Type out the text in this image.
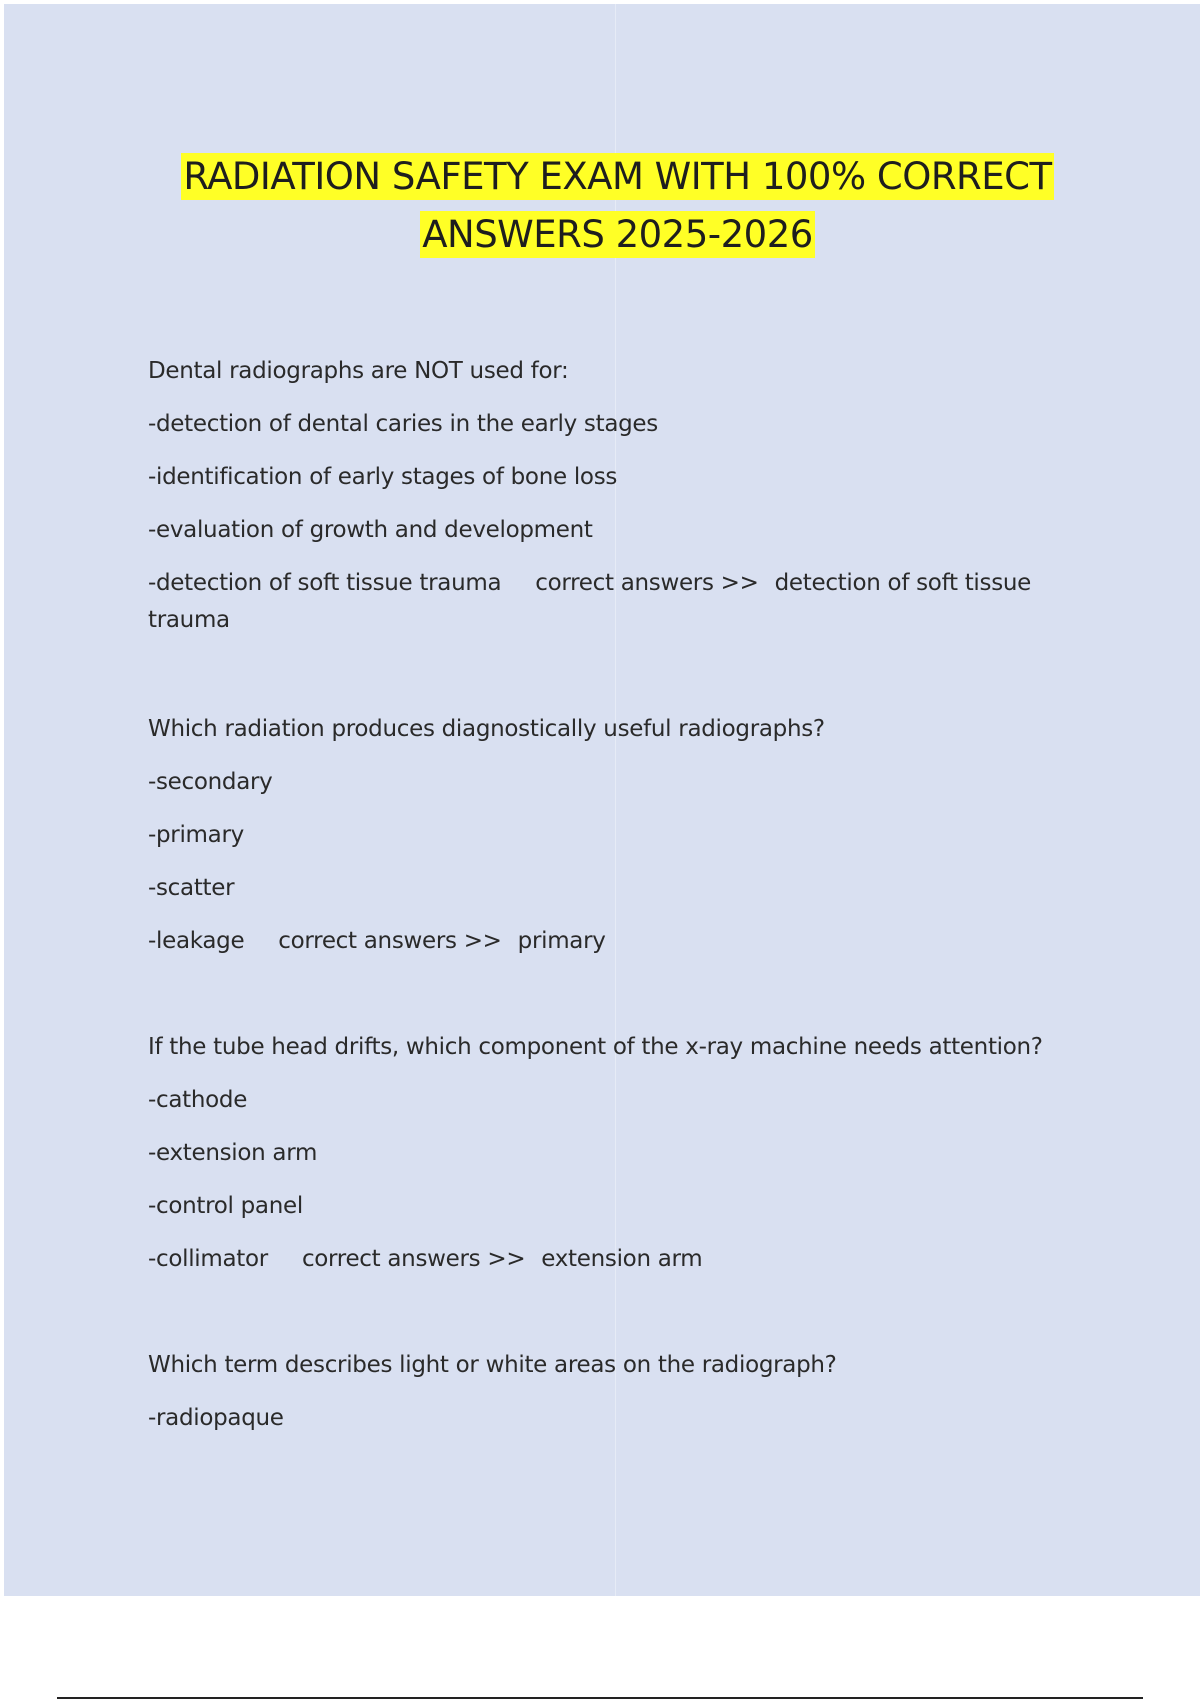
RADIATION SAFETY EXAM WITH 100% CORRECT
ANSWERS 2025-2026
Dental radiographs are NOT used for:
-detection of dental caries in the early stages
-identification of early stages of bone loss
-evaluation of growth and development
-detection of soft tissue trauma correct answers >> detection of soft tissue trauma
Which radiation produces diagnostically useful radiographs?
-secondary
-primary
-scatter
-leakage correct answers >> primary
If the tube head drifts, which component of the x-ray machine needs attention?
-cathode
-extension arm
-control panel
-collimator correct answers >> extension arm
Which term describes light or white areas on the radiograph?
-radiopaque
